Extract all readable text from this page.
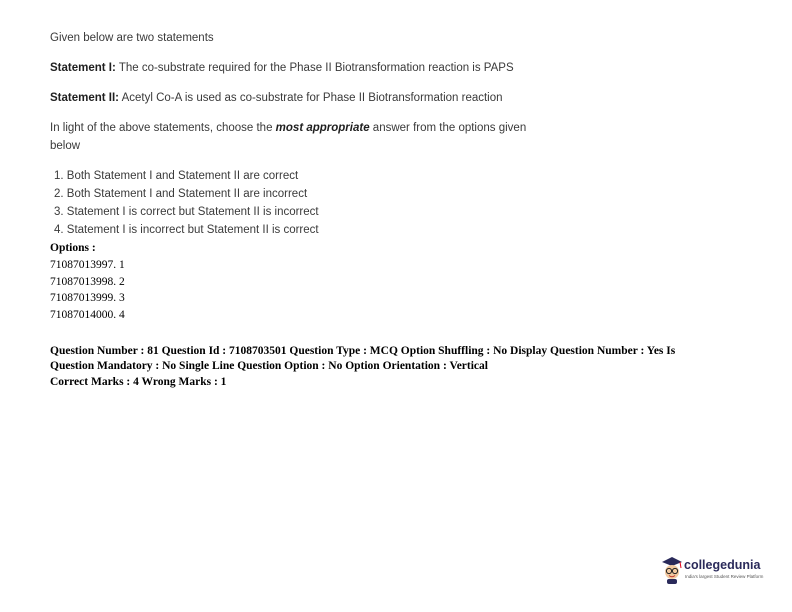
Given below are two statements
Statement I: The co-substrate required for the Phase II Biotransformation reaction is PAPS
Statement II: Acetyl Co-A is used as co-substrate for Phase II Biotransformation reaction
In light of the above statements, choose the most appropriate answer from the options given
below
1. Both Statement I and Statement II are correct
2. Both Statement I and Statement II are incorrect
3. Statement I is correct but Statement II is incorrect
4. Statement I is incorrect but Statement II is correct
Options :
71087013997. 1
71087013998. 2
71087013999. 3
71087014000. 4
Question Number : 81 Question Id : 7108703501 Question Type : MCQ Option Shuffling : No Display Question Number : Yes Is
Question Mandatory : No Single Line Question Option : No Option Orientation : Vertical
Correct Marks : 4 Wrong Marks : 1
collegedunia
India's largest Student Review Platform
